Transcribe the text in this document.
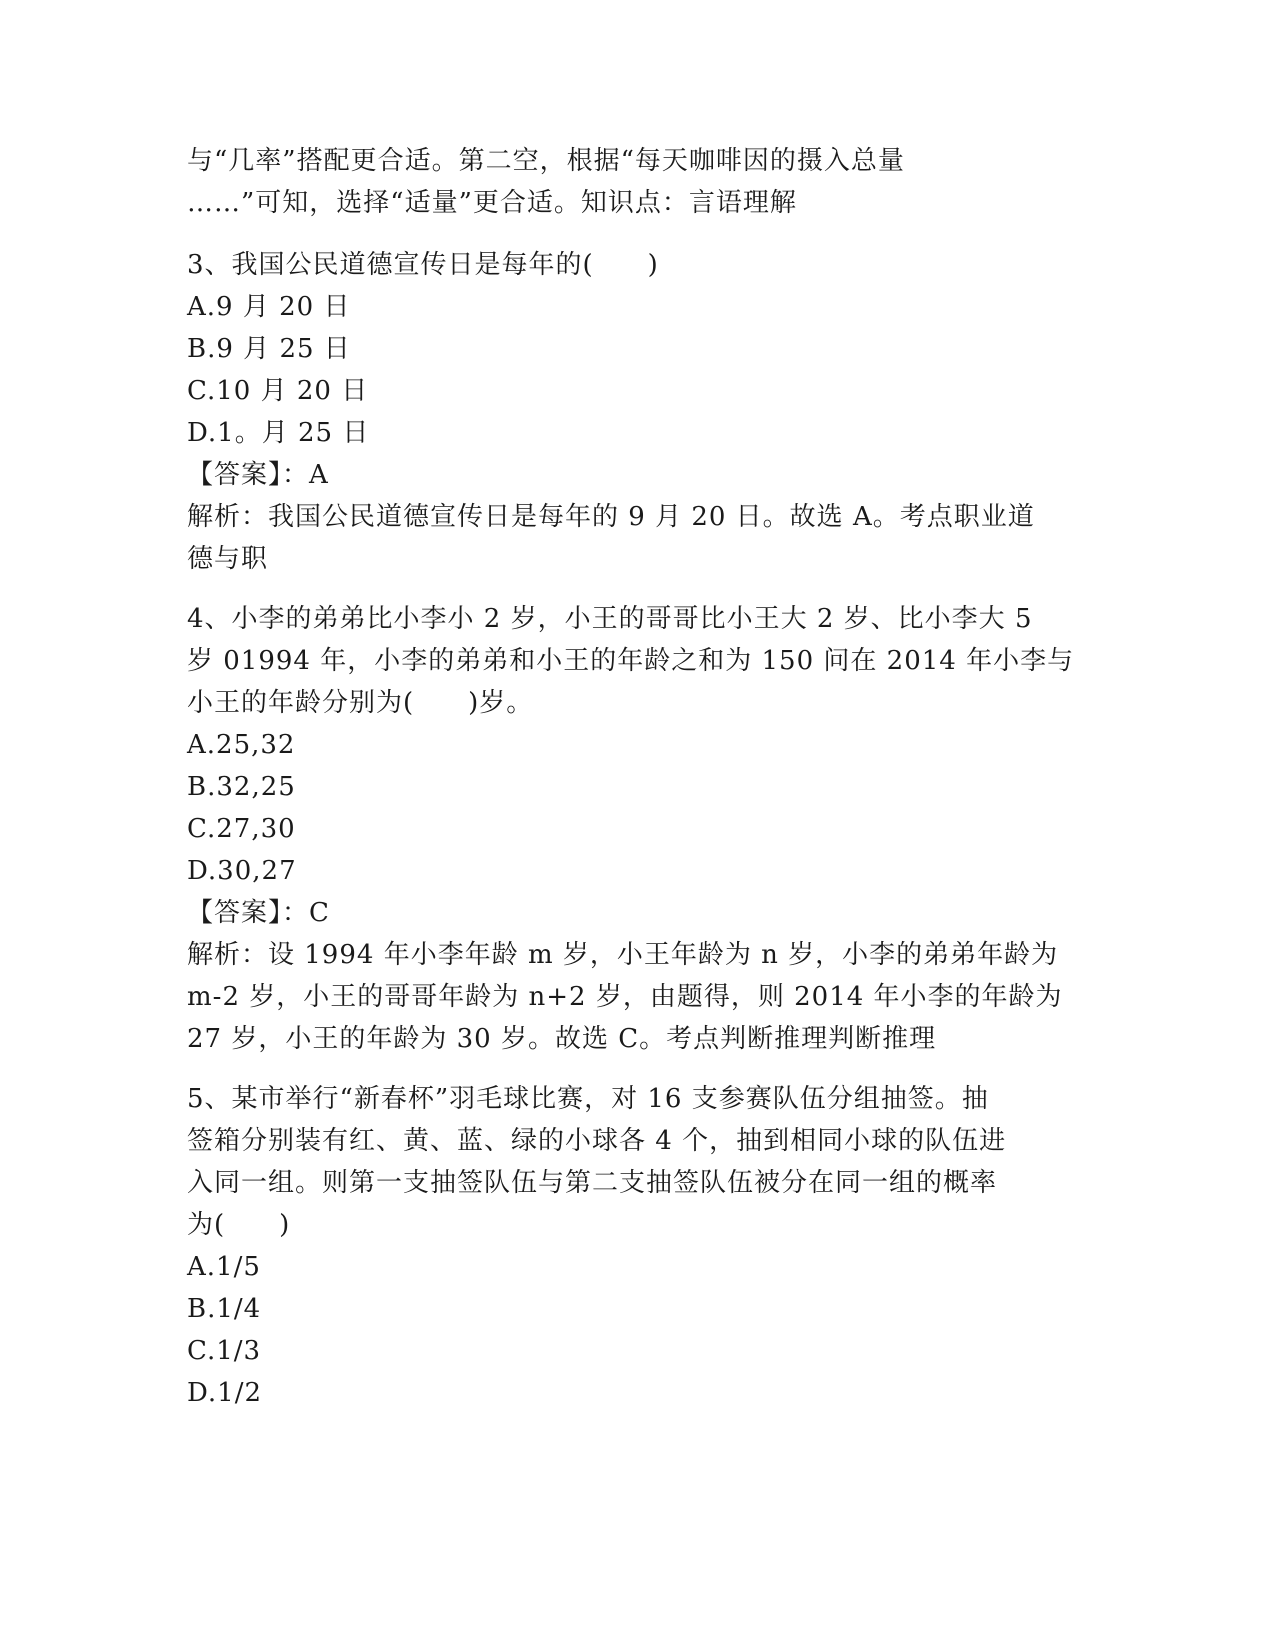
与“几率”搭配更合适。第二空，根据“每天咖啡因的摄入总量
……”可知，选择“适量”更合适。知识点：言语理解
3、我国公民道德宣传日是每年的(　　)
A.9 月 20 日
B.9 月 25 日
C.10 月 20 日
D.1。月 25 日
【答案】：A
解析：我国公民道德宣传日是每年的 9 月 20 日。故选 A。考点职业道
德与职
4、小李的弟弟比小李小 2 岁，小王的哥哥比小王大 2 岁、比小李大 5
岁 01994 年，小李的弟弟和小王的年龄之和为 150 问在 2014 年小李与
小王的年龄分别为(　　)岁。
A.25,32
B.32,25
C.27,30
D.30,27
【答案】：C
解析：设 1994 年小李年龄 m 岁，小王年龄为 n 岁，小李的弟弟年龄为
m-2 岁，小王的哥哥年龄为 n+2 岁，由题得，则 2014 年小李的年龄为
27 岁，小王的年龄为 30 岁。故选 C。考点判断推理判断推理
5、某市举行“新春杯”羽毛球比赛，对 16 支参赛队伍分组抽签。抽
签箱分别装有红、黄、蓝、绿的小球各 4 个，抽到相同小球的队伍进
入同一组。则第一支抽签队伍与第二支抽签队伍被分在同一组的概率
为(　　)
A.1/5
B.1/4
C.1/3
D.1/2
